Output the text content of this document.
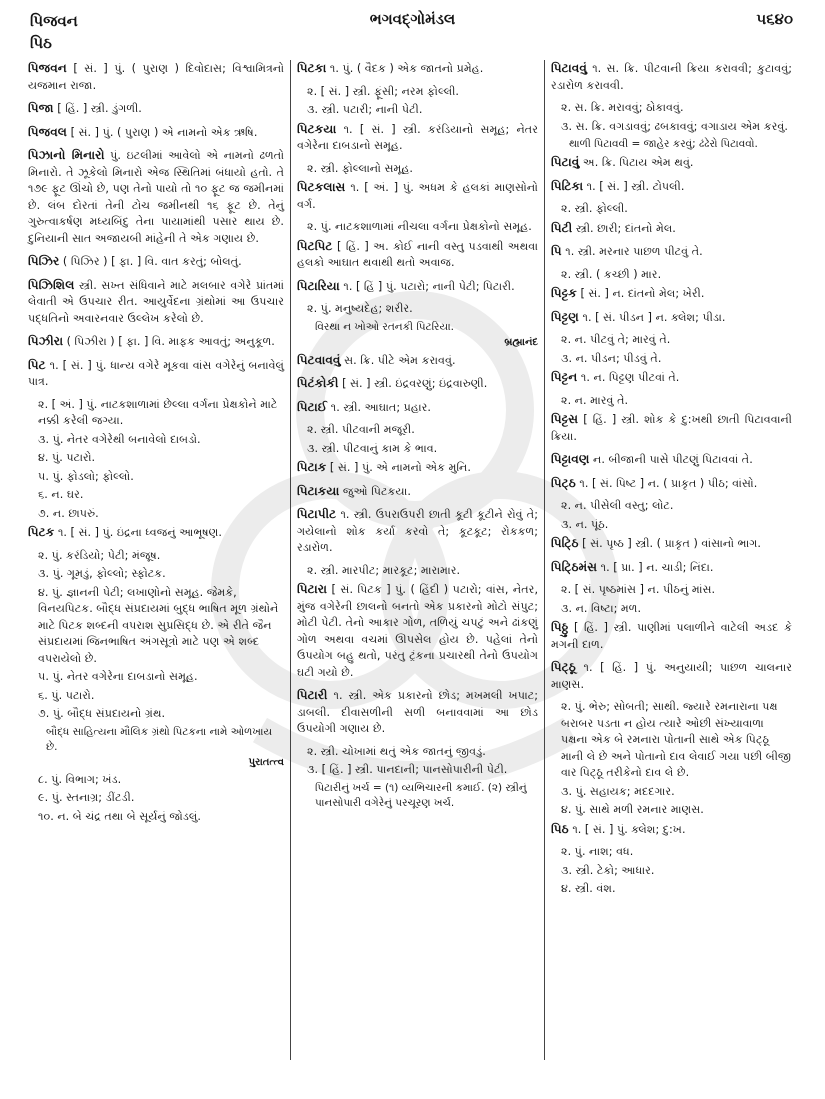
પિજવન
પિઠ
ભગવદ્ગોમંડલ	૫૬૪૦
પિજવન [ સં. ] પું. ( પુરાણ ) દિવોદાસ; વિશ્વામિત્રનો યજમાન રાજા.
પિજા [ હિં. ] સ્ત્રી. ડુંગળી.
પિજવલ [ સં. ] પું. ( પુરાણ ) એ નામનો એક ઋષિ.
પિઝાનો મિનારો પું. ઇટલીમાં આવેલો એ નામનો ઢળતો મિનારો. તે ઝૂકેલો મિનારો એજ સ્થિતિમાં બંધાયો હતો. તે ૧૭૯ ફૂટ ઊંચો છે, પણ તેનો પાયો તો ૧૦ ફૂટ જ જમીનમાં છે. લંબ દોરતાં તેની ટોચ જમીનથી ૧૬ ફૂટ છે. તેનું ગુરુત્વાકર્ષણ મધ્યબિંદુ તેના પાયામાંથી પસાર થાય છે. દુનિયાની સાત અજાયબી માંહેની તે એક ગણાય છે.
પિઝિર ( પિઝિર ) [ ફા. ] વિ. વાત કરતું; બોલતું.
પિઝિશિલ સ્ત્રી. સખ્ત સંધિવાને માટે મલબાર વગેરે પ્રાંતમાં લેવાતી એ ઉપચાર રીત. આયુર્વેદના ગ્રંથોમાં આ ઉપચાર પદ્ધતિનો અવારનવાર ઉલ્લેખ કરેલો છે.
પિઝીરા ( પિઝીરા ) [ ફા. ] વિ. માફક આવતું; અનુકૂળ.
પિટ ૧. [ સં. ] પું. ધાન્ય વગેરે મૂકવા વાંસ વગેરેનું બનાવેલું પાત્ર.
૨. [ અં. ] પું. નાટકશાળામાં છેલ્લા વર્ગના પ્રેક્ષકોને માટે નક્કી કરેલી જગ્યા.
૩. પું. નેતર વગેરેથી બનાવેલો દાબડો.
૪. પું. પટારો.
૫. પું. ફોડલો; ફોલ્લો.
૬. ન. ઘર.
૭. ન. છાપરું.
પિટક ૧. [ સં. ] પું. ઇંદ્રના ધ્વજનું આભૂષણ.
૨. પું. કરંડિયો; પેટી; મંજૂષ.
૩. પું. ગૂમડું, ફોલ્લો; સ્ફોટક.
૪. પું. જ્ઞાનની પેટી; લખાણોનો સમૂહ. જેમકે, વિનયપિટક. બૌદ્ધ સંપ્રદાયમાં બુદ્ધ ભાષિત મૂળ ગ્રંથોને માટે પિટક શબ્દની વપરાશ સુપ્રસિદ્ધ છે. એ રીતે જૈન સંપ્રદાયમાં જિનભાષિત અંગસૂત્રો માટે પણ એ શબ્દ વપરાયેલો છે.
૫. પું. નેતર વગેરેના દાબડાનો સમૂહ.
૬. પું. પટારો.
૭. પું. બૌદ્ધ સંપ્રદાયનો ગ્રંથ.
બૌદ્ધ સાહિત્યના મૌલિક ગ્રંથો પિટકના નામે ઓળખાય છે.
પુરાતત્ત્વ
૮. પું. વિભાગ; ખંડ.
૯. પું. સ્તનાગ્ર; ડીંટડી.
૧૦. ન. બે ચંદ્ર તથા બે સૂર્યનું જોડલું.
પિટકા ૧. પું. ( વૈદક ) એક જાતનો પ્રમેહ.
૨. [ સં. ] સ્ત્રી. ફૂંસી; નરમ ફોલ્લી.
૩. સ્ત્રી. પટારી; નાની પેટી.
પિટકયા ૧. [ સં. ] સ્ત્રી. કરંડિયાનો સમૂહ; નેતર વગેરેના દાબડાનો સમૂહ.
૨. સ્ત્રી. ફોલ્લાનો સમૂહ.
પિટકલાસ ૧. [ અં. ] પું. અધમ કે હલકાં માણસોનો વર્ગ.
૨. પું. નાટકશાળામાં નીચલા વર્ગના પ્રેક્ષકોનો સમૂહ.
પિટપિટ [ હિં. ] અ. કોઈ નાની વસ્તુ પડવાથી અથવા હલકો આઘાત થવાથી થતો અવાજ.
પિટારિયા ૧. [ હિં ] પું. પટારો; નાની પેટી; પિટારી.
૨. પું. મનુષ્યદેહ; શરીર.
વિરથા ન ખોઓ રતનકી પિટરિયા.
બ્રહ્માનંદ
પિટવાવવું સ. ક્રિ. પીટે એમ કરાવવું.
પિટંકોકી [ સં. ] સ્ત્રી. ઇંદ્રવરણું; ઇંદ્રવારુણી.
પિટાઈ ૧. સ્ત્રી. આઘાત; પ્રહાર.
૨. સ્ત્રી. પીટવાની મજૂરી.
૩. સ્ત્રી. પીટવાનું કામ કે ભાવ.
પિટાક [ સં. ] પું. એ નામનો એક મુનિ.
પિટાકયા જુઓ પિટકયા.
પિટાપીટ ૧. સ્ત્રી. ઉપરાઉપરી છાતી કૂટી કૂટીને રોવું તે; ગયેલાનો શોક કર્યા કરવો તે; કૂટકૂટ; રોકકળ; રડારોળ.
૨. સ્ત્રી. મારપીટ; મારકૂટ; મારામાર.
પિટારા [ સં. પિટક ] પું. ( હિંદી ) પટારો; વાંસ, નેતર, મુંજ વગેરેની છાલનો બનતો એક પ્રકારનો મોટો સંપુટ; મોટી પેટી. તેનો આકાર ગોળ, તળિયું ચપટું અને ઢાંકણું ગોળ અથવા વચમાં ઊપસેલ હોય છે. પહેલાં તેનો ઉપયોગ બહુ થતો, પરંતુ ટ્રંકના પ્રચારથી તેનો ઉપયોગ ઘટી ગયો છે.
પિટારી ૧. સ્ત્રી. એક પ્રકારનો છોડ; મખમલી ખપાટ; ડાબલી. દીવાસળીની સળી બનાવવામાં આ છોડ ઉપયોગી ગણાય છે.
૨. સ્ત્રી. ચોખામાં થતું એક જાતનું જીવડું.
૩. [ હિં. ] સ્ત્રી. પાનદાની; પાનસોપારીની પેટી.
પિટારીનું ખર્ચ = (૧) વ્યભિચારની કમાઈ. (૨) સ્ત્રીનું પાનસોપારી વગેરેનું પરચૂરણ ખર્ચ.
પિટાવવું ૧. સ. ક્રિ. પીટવાની ક્રિયા કરાવવી; કુટાવવું; રડારોળ કરાવવી.
૨. સ. ક્રિ. મરાવવું; ઠોકાવવું.
૩. સ. ક્રિ. વગડાવવું; ઢબકાવવું; વગાડાય એમ કરવું.
થાળી પિટાવવી = જાહેર કરવું; ઢંઢેરો પિટાવવો.
પિટાવું અ. ક્રિ. પિટાય એમ થવું.
પિટિકા ૧. [ સં. ] સ્ત્રી. ટોપલી.
૨. સ્ત્રી. ફોલ્લી.
પિટી સ્ત્રી. છારી; દાંતનો મેલ.
પિ ૧. સ્ત્રી. મરનાર પાછળ પીટવું તે.
૨. સ્ત્રી. ( કચ્છી ) માર.
પિટ્ટક [ સં. ] ન. દાંતનો મેલ; ખેરી.
પિટ્ટણ ૧. [ સં. પીડન ] ન. ક્લેશ; પીડા.
૨. ન. પીટવું તે; મારવું તે.
૩. ન. પીડન; પીડવું તે.
પિટ્ટન ૧. ન. પિટ્ટણ પીટવાં તે.
૨. ન. મારવું તે.
પિટ્ટસ [ હિં. ] સ્ત્રી. શોક કે દુ:ખથી છાતી પિટાવવાની ક્રિયા.
પિટ્ટાવણ ન. બીજાની પાસે પીટણું પિટાવવાં તે.
પિટ્ઠ ૧. [ સં. પિષ્ટ ] ન. ( પ્રાકૃત ) પીઠ; વાંસો.
૨. ન. પીસેલી વસ્તુ; લોટ.
૩. ન. પૂંઠ.
પિટ્ઠિ [ સં. પૃષ્ઠ ] સ્ત્રી. ( પ્રાકૃત ) વાંસાનો ભાગ.
પિટ્ઠિમંસ ૧. [ પ્રા. ] ન. ચાડી; નિંદા.
૨. [ સં. પૃષ્ઠમાંસ ] ન. પીઠનું માંસ.
૩. ન. વિષ્ટા; મળ.
પિઠ્ઠુ [ હિં. ] સ્ત્રી. પાણીમાં પલાળીને વાટેલી અડદ કે મગની દાળ.
પિટ્ઠૂ ૧. [ હિં. ] પું. અનુયાયી; પાછળ ચાલનાર માણસ.
૨. પું. ભેરુ; સોબતી; સાથી. જ્યારે રમનારાના પક્ષ બરાબર પડતા ન હોય ત્યારે ઓછી સંખ્યાવાળા પક્ષના એક બે રમનારા પોતાની સાથે એક પિટ્ઠૂ માની લે છે અને પોતાનો દાવ લેવાઈ ગયા પછી બીજી વાર પિટ્ઠૂ તરીકેનો દાવ લે છે.
૩. પું. સહાયક; મદદગાર.
૪. પું. સાથે મળી રમનાર માણસ.
પિઠ ૧. [ સં. ] પું. ક્લેશ; દુ:ખ.
૨. પું. નાશ; વધ.
૩. સ્ત્રી. ટેકો; આધાર.
૪. સ્ત્રી. વંશ.
